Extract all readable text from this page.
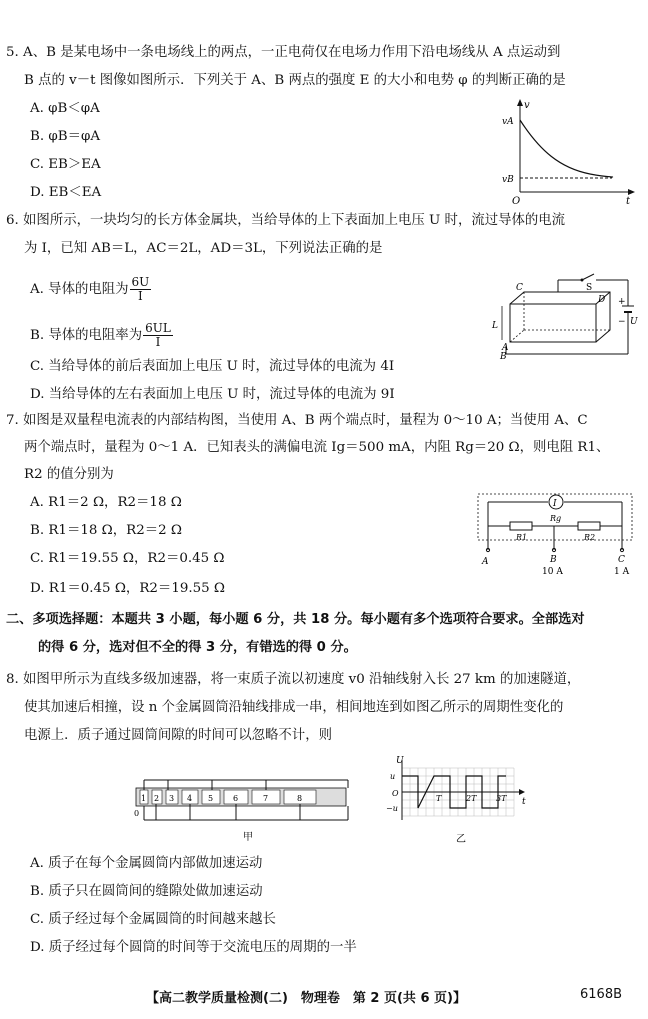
5. A、B 是某电场中一条电场线上的两点，一正电荷仅在电场力作用下沿电场线从 A 点运动到
B 点的 v－t 图像如图所示．下列关于 A、B 两点的强度 E 的大小和电势 φ 的判断正确的是
A. φB＜φA
B. φB＝φA
C. EB＞EA
D. EB＜EA
v
t
O
vA
vB
6. 如图所示，一块均匀的长方体金属块，当给导体的上下表面加上电压 U 时，流过导体的电流
为 I，已知 AB＝L，AC＝2L，AD＝3L，下列说法正确的是
A. 导体的电阻为 $\frac{6U}{I}$
B. 导体的电阻率为 $\frac{6UL}{I}$
C. 当给导体的前后表面加上电压 U 时，流过导体的电流为 4I
D. 当给导体的左右表面加上电压 U 时，流过导体的电流为 9I
C
D
A
B
L
S
+
− U
7. 如图是双量程电流表的内部结构图，当使用 A、B 两个端点时，量程为 0～10 A；当使用 A、C
两个端点时，量程为 0～1 A．已知表头的满偏电流 Ig＝500 mA，内阻 Rg＝20 Ω，则电阻 R1、
R2 的值分别为
A. R1＝2 Ω，R2＝18 Ω
B. R1＝18 Ω，R2＝2 Ω
C. R1＝19.55 Ω，R2＝0.45 Ω
D. R1＝0.45 Ω，R2＝19.55 Ω
I
Rg
R1	R2
A	B	C
10 A	1 A
二、多项选择题：本题共 3 小题，每小题 6 分，共 18 分。每小题有多个选项符合要求。全部选对
的得 6 分，选对但不全的得 3 分，有错选的得 0 分。
8. 如图甲所示为直线多级加速器，将一束质子流以初速度 v0 沿轴线射入长 27 km 的加速隧道，
使其加速后相撞，设 n 个金属圆筒沿轴线排成一串，相间地连到如图乙所示的周期性变化的
电源上．质子通过圆筒间隙的时间可以忽略不计，则
1 2 3 4 5 6	7	8
0
甲
U
t
u
−u
O
T	2T 3T
乙
A. 质子在每个金属圆筒内部做加速运动
B. 质子只在圆筒间的缝隙处做加速运动
C. 质子经过每个金属圆筒的时间越来越长
D. 质子经过每个圆筒的时间等于交流电压的周期的一半
【高二教学质量检测(二)　物理卷　第 2 页(共 6 页)】	6168B
